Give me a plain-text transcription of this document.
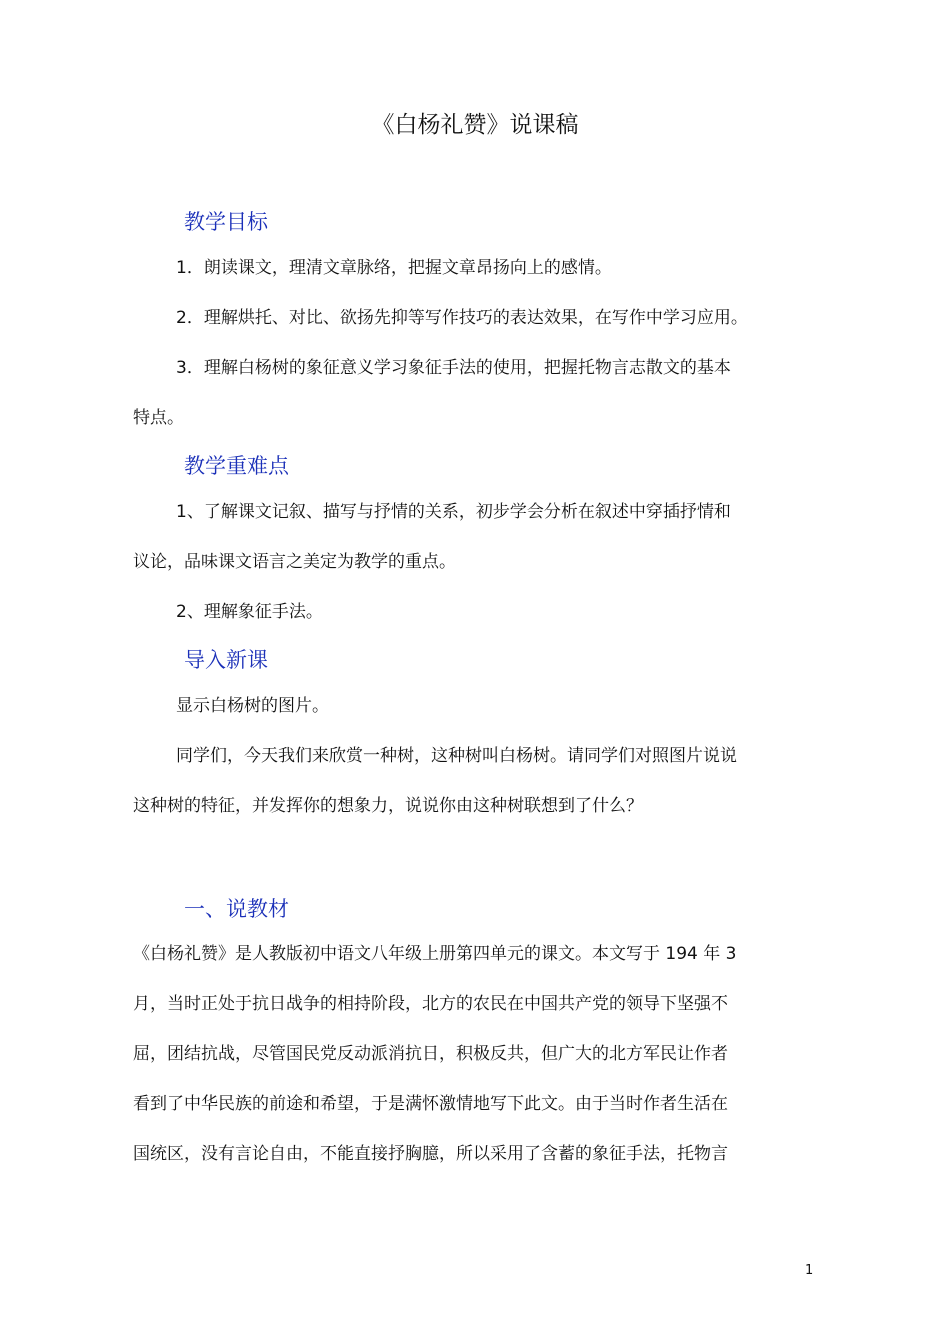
《白杨礼赞》说课稿
教学目标
1．朗读课文，理清文章脉络，把握文章昂扬向上的感情。
2．理解烘托、对比、欲扬先抑等写作技巧的表达效果，在写作中学习应用。
3．理解白杨树的象征意义学习象征手法的使用，把握托物言志散文的基本
特点。
教学重难点
1、了解课文记叙、描写与抒情的关系，初步学会分析在叙述中穿插抒情和
议论，品味课文语言之美定为教学的重点。
2、理解象征手法。
导入新课
显示白杨树的图片。
同学们，今天我们来欣赏一种树，这种树叫白杨树。请同学们对照图片说说
这种树的特征，并发挥你的想象力，说说你由这种树联想到了什么？
一、说教材
《白杨礼赞》是人教版初中语文八年级上册第四单元的课文。本文写于 194 年 3
月，当时正处于抗日战争的相持阶段，北方的农民在中国共产党的领导下坚强不
屈，团结抗战，尽管国民党反动派消抗日，积极反共，但广大的北方军民让作者
看到了中华民族的前途和希望，于是满怀激情地写下此文。由于当时作者生活在
国统区，没有言论自由，不能直接抒胸臆，所以采用了含蓄的象征手法，托物言
1
